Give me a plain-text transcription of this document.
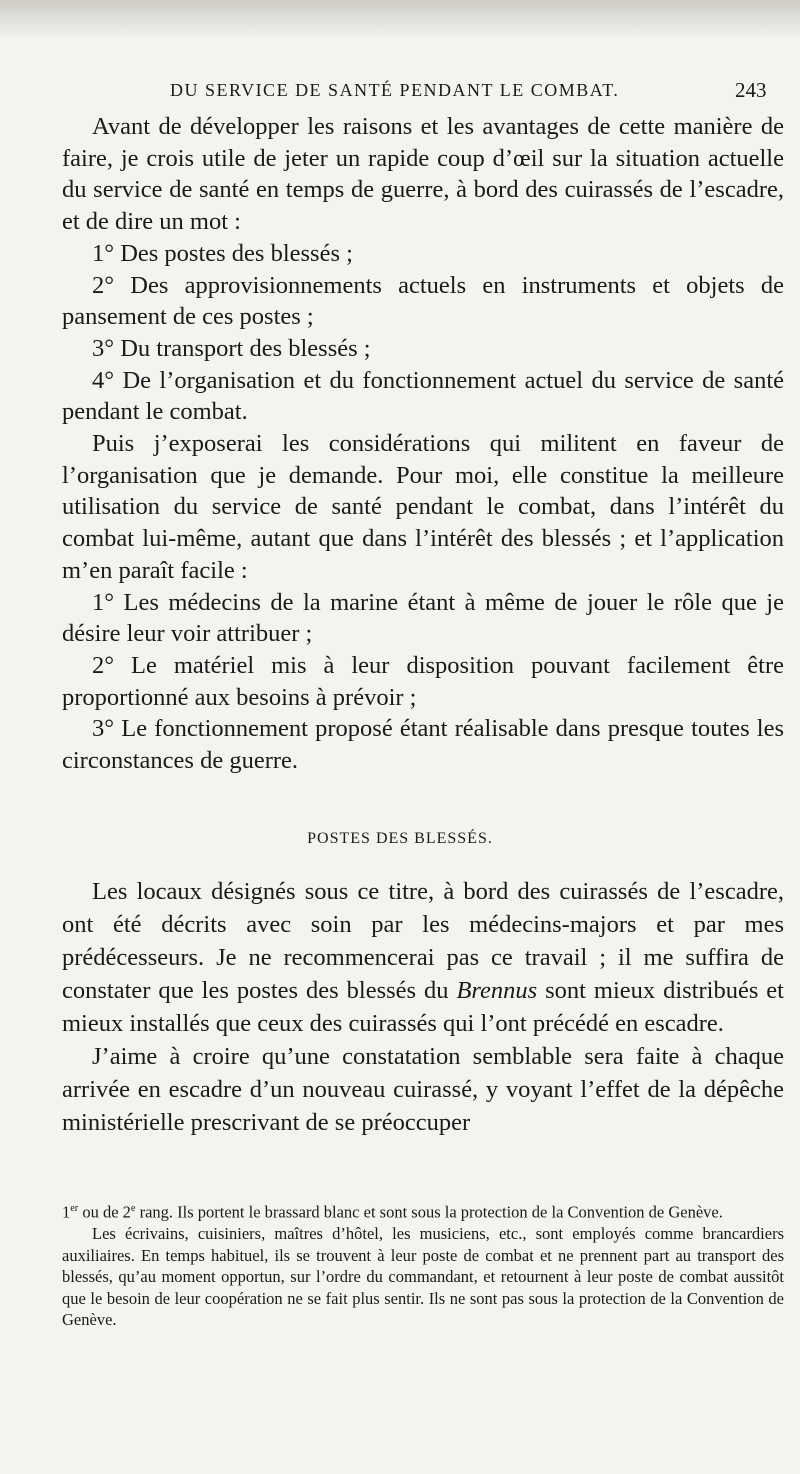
DU SERVICE DE SANTÉ PENDANT LE COMBAT.	243

Avant de développer les raisons et les avantages de cette manière de faire, je crois utile de jeter un rapide coup d’œil sur la situation actuelle du service de santé en temps de guerre, à bord des cuirassés de l’escadre, et de dire un mot :

1° Des postes des blessés ;

2° Des approvisionnements actuels en instruments et objets de pansement de ces postes ;

3° Du transport des blessés ;

4° De l’organisation et du fonctionnement actuel du service de santé pendant le combat.

Puis j’exposerai les considérations qui militent en faveur de l’organisation que je demande. Pour moi, elle constitue la meilleure utilisation du service de santé pendant le combat, dans l’intérêt du combat lui-même, autant que dans l’intérêt des blessés ; et l’application m’en paraît facile :

1° Les médecins de la marine étant à même de jouer le rôle que je désire leur voir attribuer ;

2° Le matériel mis à leur disposition pouvant facilement être proportionné aux besoins à prévoir ;

3° Le fonctionnement proposé étant réalisable dans presque toutes les circonstances de guerre.

POSTES DES BLESSÉS.

Les locaux désignés sous ce titre, à bord des cuirassés de l’escadre, ont été décrits avec soin par les médecins-majors et par mes prédécesseurs. Je ne recommencerai pas ce travail ; il me suffira de constater que les postes des blessés du Brennus sont mieux distribués et mieux installés que ceux des cuirassés qui l’ont précédé en escadre.

J’aime à croire qu’une constatation semblable sera faite à chaque arrivée en escadre d’un nouveau cuirassé, y voyant l’effet de la dépêche ministérielle prescrivant de se préoccuper

1er ou de 2e rang. Ils portent le brassard blanc et sont sous la protection de la Convention de Genève.

Les écrivains, cuisiniers, maîtres d’hôtel, les musiciens, etc., sont employés comme brancardiers auxiliaires. En temps habituel, ils se trouvent à leur poste de combat et ne prennent part au transport des blessés, qu’au moment opportun, sur l’ordre du commandant, et retournent à leur poste de combat aussitôt que le besoin de leur coopération ne se fait plus sentir. Ils ne sont pas sous la protection de la Convention de Genève.
